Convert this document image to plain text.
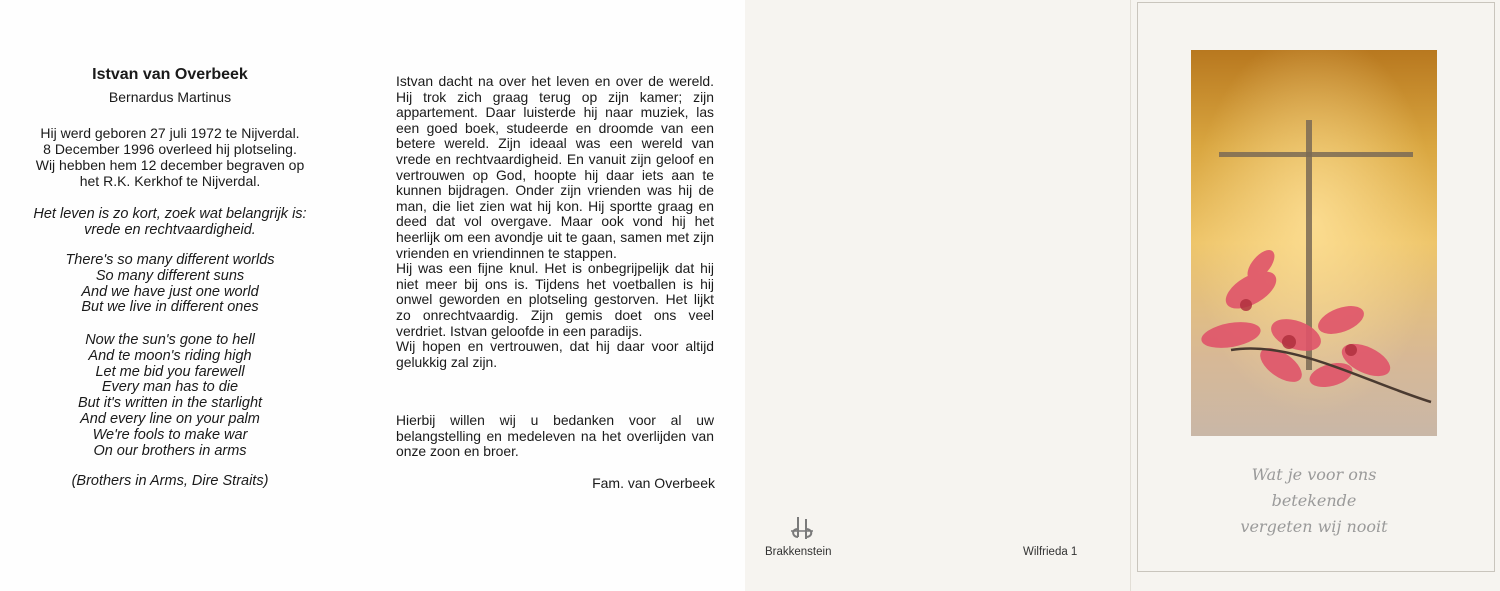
Istvan van Overbeek
Bernardus Martinus
Hij werd geboren 27 juli 1972 te Nijverdal.
8 December 1996 overleed hij plotseling.
Wij hebben hem 12 december begraven op
het R.K. Kerkhof te Nijverdal.
Het leven is zo kort, zoek wat belangrijk is:
vrede en rechtvaardigheid.
There's so many different worlds
So many different suns
And we have just one world
But we live in different ones
Now the sun's gone to hell
And te moon's riding high
Let me bid you farewell
Every man has to die
But it's written in the starlight
And every line on your palm
We're fools to make war
On our brothers in arms
(Brothers in Arms, Dire Straits)

Istvan dacht na over het leven en over de wereld. Hij trok zich graag terug op zijn kamer; zijn appartement. Daar luisterde hij naar muziek, las een goed boek, studeerde en droomde van een betere wereld. Zijn ideaal was een wereld van vrede en rechtvaardigheid. En vanuit zijn geloof en vertrouwen op God, hoopte hij daar iets aan te kunnen bijdragen. Onder zijn vrienden was hij de man, die liet zien wat hij kon. Hij sportte graag en deed dat vol overgave. Maar ook vond hij het heerlijk om een avondje uit te gaan, samen met zijn vrienden en vriendinnen te stappen.

Hij was een fijne knul. Het is onbegrijpelijk dat hij niet meer bij ons is. Tijdens het voetballen is hij onwel geworden en plotseling gestorven. Het lijkt zo onrechtvaardig. Zijn gemis doet ons veel verdriet. Istvan geloofde in een paradijs.

Wij hopen en vertrouwen, dat hij daar voor altijd gelukkig zal zijn.

Hierbij willen wij u bedanken voor al uw belangstelling en medeleven na het overlijden van onze zoon en broer.
Fam. van Overbeek
Brakkenstein	Wilfrieda 1
Wat je voor ons
betekende
vergeten wij nooit
